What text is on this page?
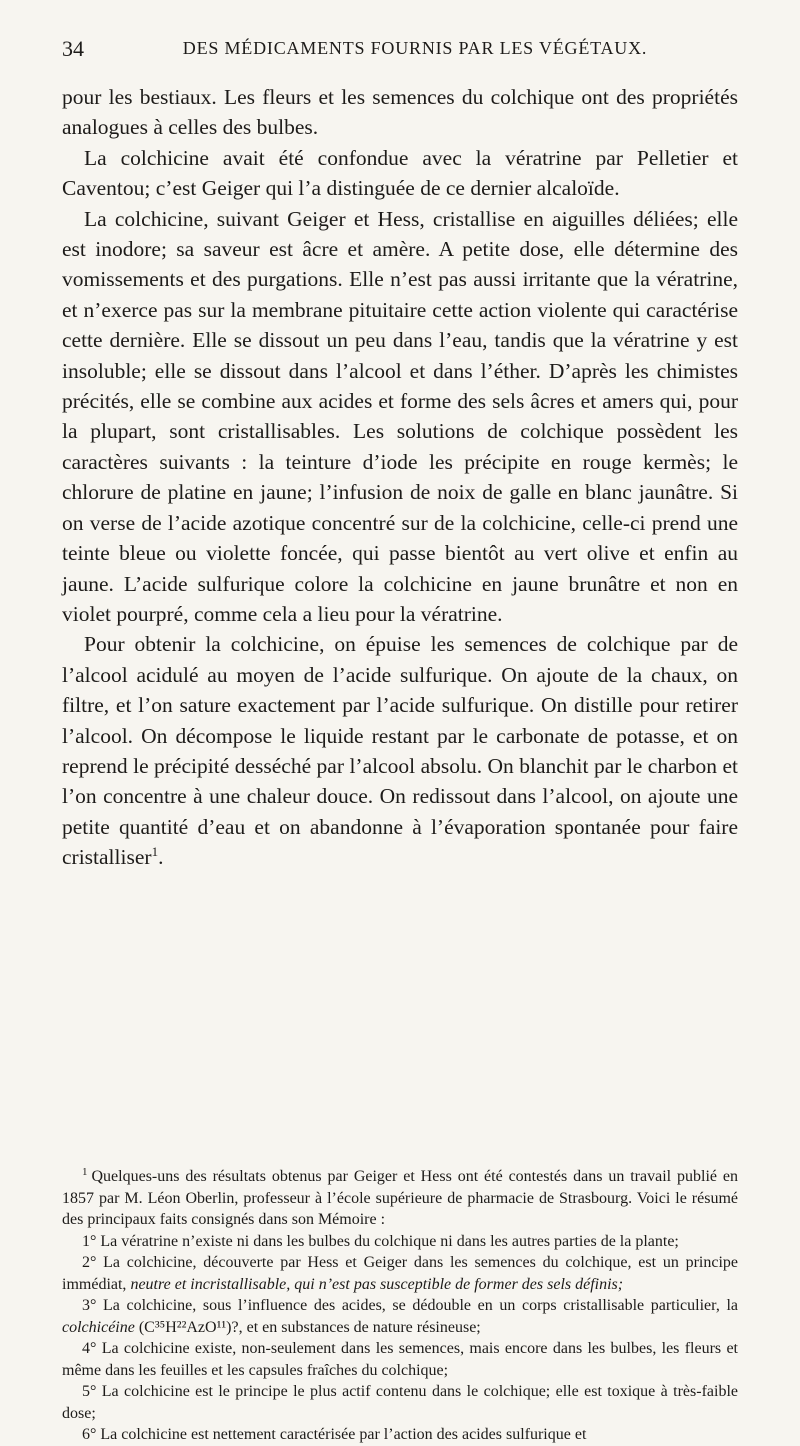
34	DES MÉDICAMENTS FOURNIS PAR LES VÉGÉTAUX.

pour les bestiaux. Les fleurs et les semences du colchique ont des propriétés analogues à celles des bulbes.

La colchicine avait été confondue avec la vératrine par Pelletier et Caventou; c’est Geiger qui l’a distinguée de ce dernier alcaloïde.

La colchicine, suivant Geiger et Hess, cristallise en aiguilles déliées; elle est inodore; sa saveur est âcre et amère. A petite dose, elle détermine des vomissements et des purgations. Elle n’est pas aussi irritante que la vératrine, et n’exerce pas sur la membrane pituitaire cette action violente qui caractérise cette dernière. Elle se dissout un peu dans l’eau, tandis que la vératrine y est insoluble; elle se dissout dans l’alcool et dans l’éther. D’après les chimistes précités, elle se combine aux acides et forme des sels âcres et amers qui, pour la plupart, sont cristallisables. Les solutions de colchique possèdent les caractères suivants : la teinture d’iode les précipite en rouge kermès; le chlorure de platine en jaune; l’infusion de noix de galle en blanc jaunâtre. Si on verse de l’acide azotique concentré sur de la colchicine, celle-ci prend une teinte bleue ou violette foncée, qui passe bientôt au vert olive et enfin au jaune. L’acide sulfurique colore la colchicine en jaune brunâtre et non en violet pourpré, comme cela a lieu pour la vératrine.

Pour obtenir la colchicine, on épuise les semences de colchique par de l’alcool acidulé au moyen de l’acide sulfurique. On ajoute de la chaux, on filtre, et l’on sature exactement par l’acide sulfurique. On distille pour retirer l’alcool. On décompose le liquide restant par le carbonate de potasse, et on reprend le précipité desséché par l’alcool absolu. On blanchit par le charbon et l’on concentre à une chaleur douce. On redissout dans l’alcool, on ajoute une petite quantité d’eau et on abandonne à l’évaporation spontanée pour faire cristalliser$^1$.

$^1$ Quelques-uns des résultats obtenus par Geiger et Hess ont été contestés dans un travail publié en 1857 par M. Léon Oberlin, professeur à l’école supérieure de pharmacie de Strasbourg. Voici le résumé des principaux faits consignés dans son Mémoire :

1° La vératrine n’existe ni dans les bulbes du colchique ni dans les autres parties de la plante;

2° La colchicine, découverte par Hess et Geiger dans les semences du colchique, est un principe immédiat, neutre et incristallisable, qui n’est pas susceptible de former des sels définis;

3° La colchicine, sous l’influence des acides, se dédouble en un corps cristallisable particulier, la colchicéine (C³⁵H²²AzO¹¹)?, et en substances de nature résineuse;

4° La colchicine existe, non-seulement dans les semences, mais encore dans les bulbes, les fleurs et même dans les feuilles et les capsules fraîches du colchique;

5° La colchicine est le principe le plus actif contenu dans le colchique; elle est toxique à très-faible dose;

6° La colchicine est nettement caractérisée par l’action des acides sulfurique et
